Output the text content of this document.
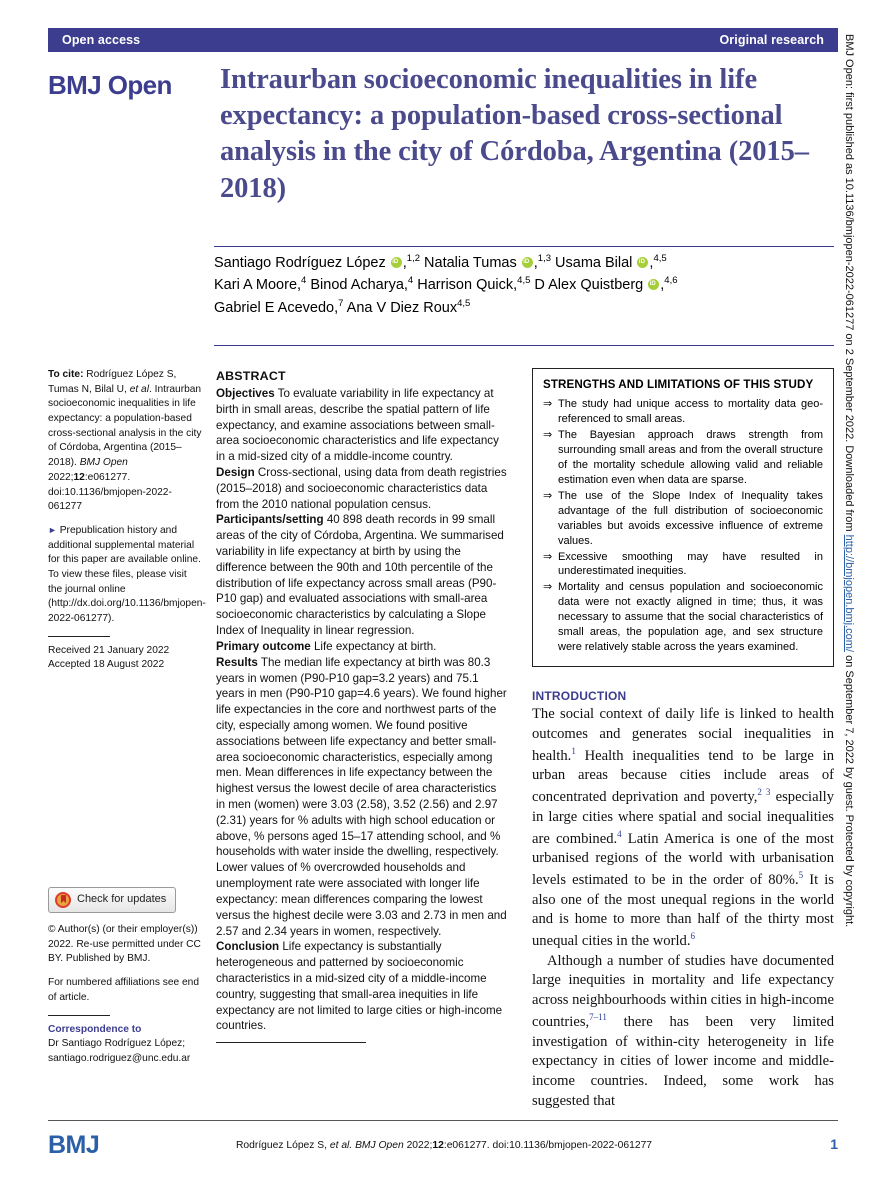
Open access	Original research
BMJ Open Intraurban socioeconomic inequalities in life expectancy: a population-based cross-sectional analysis in the city of Córdoba, Argentina (2015–2018)
Santiago Rodríguez López iD ,$^{1,2}$ Natalia Tumas iD ,$^{1,3}$ Usama Bilal iD ,$^{4,5}$
Kari A Moore,$^4$ Binod Acharya,$^4$ Harrison Quick,$^{4,5}$ D Alex Quistberg iD ,$^{4,6}$
Gabriel E Acevedo,$^7$ Ana V Diez Roux$^{4,5}$

To cite: Rodríguez López S, Tumas N, Bilal U, et al. Intraurban socioeconomic inequalities in life expectancy: a population-based cross-sectional analysis in the city of Córdoba, Argentina (2015–2018). BMJ Open 2022;12:e061277. doi:10.1136/bmjopen-2022-061277

► Prepublication history and additional supplemental material for this paper are available online. To view these files, please visit the journal online (http://dx.doi.org/10.1136/bmjopen-2022-061277).

Received 21 January 2022

Accepted 18 August 2022

Check for updates

© Author(s) (or their employer(s)) 2022. Re-use permitted under CC BY. Published by BMJ.

For numbered affiliations see end of article.

Correspondence to

Dr Santiago Rodríguez López;

santiago.rodriguez@unc.edu.ar

ABSTRACT

Objectives To evaluate variability in life expectancy at birth in small areas, describe the spatial pattern of life expectancy, and examine associations between small-area socioeconomic characteristics and life expectancy in a mid-sized city of a middle-income country.

Design Cross-sectional, using data from death registries (2015–2018) and socioeconomic characteristics data from the 2010 national population census.

Participants/setting 40 898 death records in 99 small areas of the city of Córdoba, Argentina. We summarised variability in life expectancy at birth by using the difference between the 90th and 10th percentile of the distribution of life expectancy across small areas (P90-P10 gap) and evaluated associations with small-area socioeconomic characteristics by calculating a Slope Index of Inequality in linear regression.

Primary outcome Life expectancy at birth.

Results The median life expectancy at birth was 80.3 years in women (P90-P10 gap=3.2 years) and 75.1 years in men (P90-P10 gap=4.6 years). We found higher life expectancies in the core and northwest parts of the city, especially among women. We found positive associations between life expectancy and better small-area socioeconomic characteristics, especially among men. Mean differences in life expectancy between the highest versus the lowest decile of area characteristics in men (women) were 3.03 (2.58), 3.52 (2.56) and 2.97 (2.31) years for % adults with high school education or above, % persons aged 15–17 attending school, and % households with water inside the dwelling, respectively. Lower values of % overcrowded households and unemployment rate were associated with longer life expectancy: mean differences comparing the lowest versus the highest decile were 3.03 and 2.73 in men and 2.57 and 2.34 years in women, respectively.

Conclusion Life expectancy is substantially heterogeneous and patterned by socioeconomic characteristics in a mid-sized city of a middle-income country, suggesting that small-area inequities in life expectancy are not limited to large cities or high-income countries.

STRENGTHS AND LIMITATIONS OF THIS STUDY
⇒ The study had unique access to mortality data geo-referenced to small areas.
⇒ The Bayesian approach draws strength from surrounding small areas and from the overall structure of the mortality schedule allowing valid and reliable estimation even when data are sparse.
⇒ The use of the Slope Index of Inequality takes advantage of the full distribution of socioeconomic variables but avoids excessive influence of extreme values.
⇒ Excessive smoothing may have resulted in underestimated inequities.
⇒ Mortality and census population and socioeconomic data were not exactly aligned in time; thus, it was necessary to assume that the social characteristics of small areas, the population age, and sex structure were relatively stable across the years examined.
INTRODUCTION

The social context of daily life is linked to health outcomes and generates social inequalities in health.$^1$ Health inequalities tend to be large in urban areas because cities include areas of concentrated deprivation and poverty,$^{2 3}$ especially in large cities where spatial and social inequalities are combined.$^4$ Latin America is one of the most urbanised regions of the world with urbanisation levels estimated to be in the order of 80%.$^5$ It is also one of the most unequal regions in the world and is home to more than half of the thirty most unequal cities in the world.$^6$

Although a number of studies have documented large inequities in mortality and life expectancy across neighbourhoods within cities in high-income countries,$^{7-11}$ there has been very limited investigation of within-city heterogeneity in life expectancy in cities of lower income and middle-income countries. Indeed, some work has suggested that

BMJ	Rodríguez López S, et al. BMJ Open 2022;12:e061277. doi:10.1136/bmjopen-2022-061277	1
BMJ Open: first published as 10.1136/bmjopen-2022-061277 on 2 September 2022. Downloaded from http://bmjopen.bmj.com/ on September 7, 2022 by guest. Protected by copyright.
